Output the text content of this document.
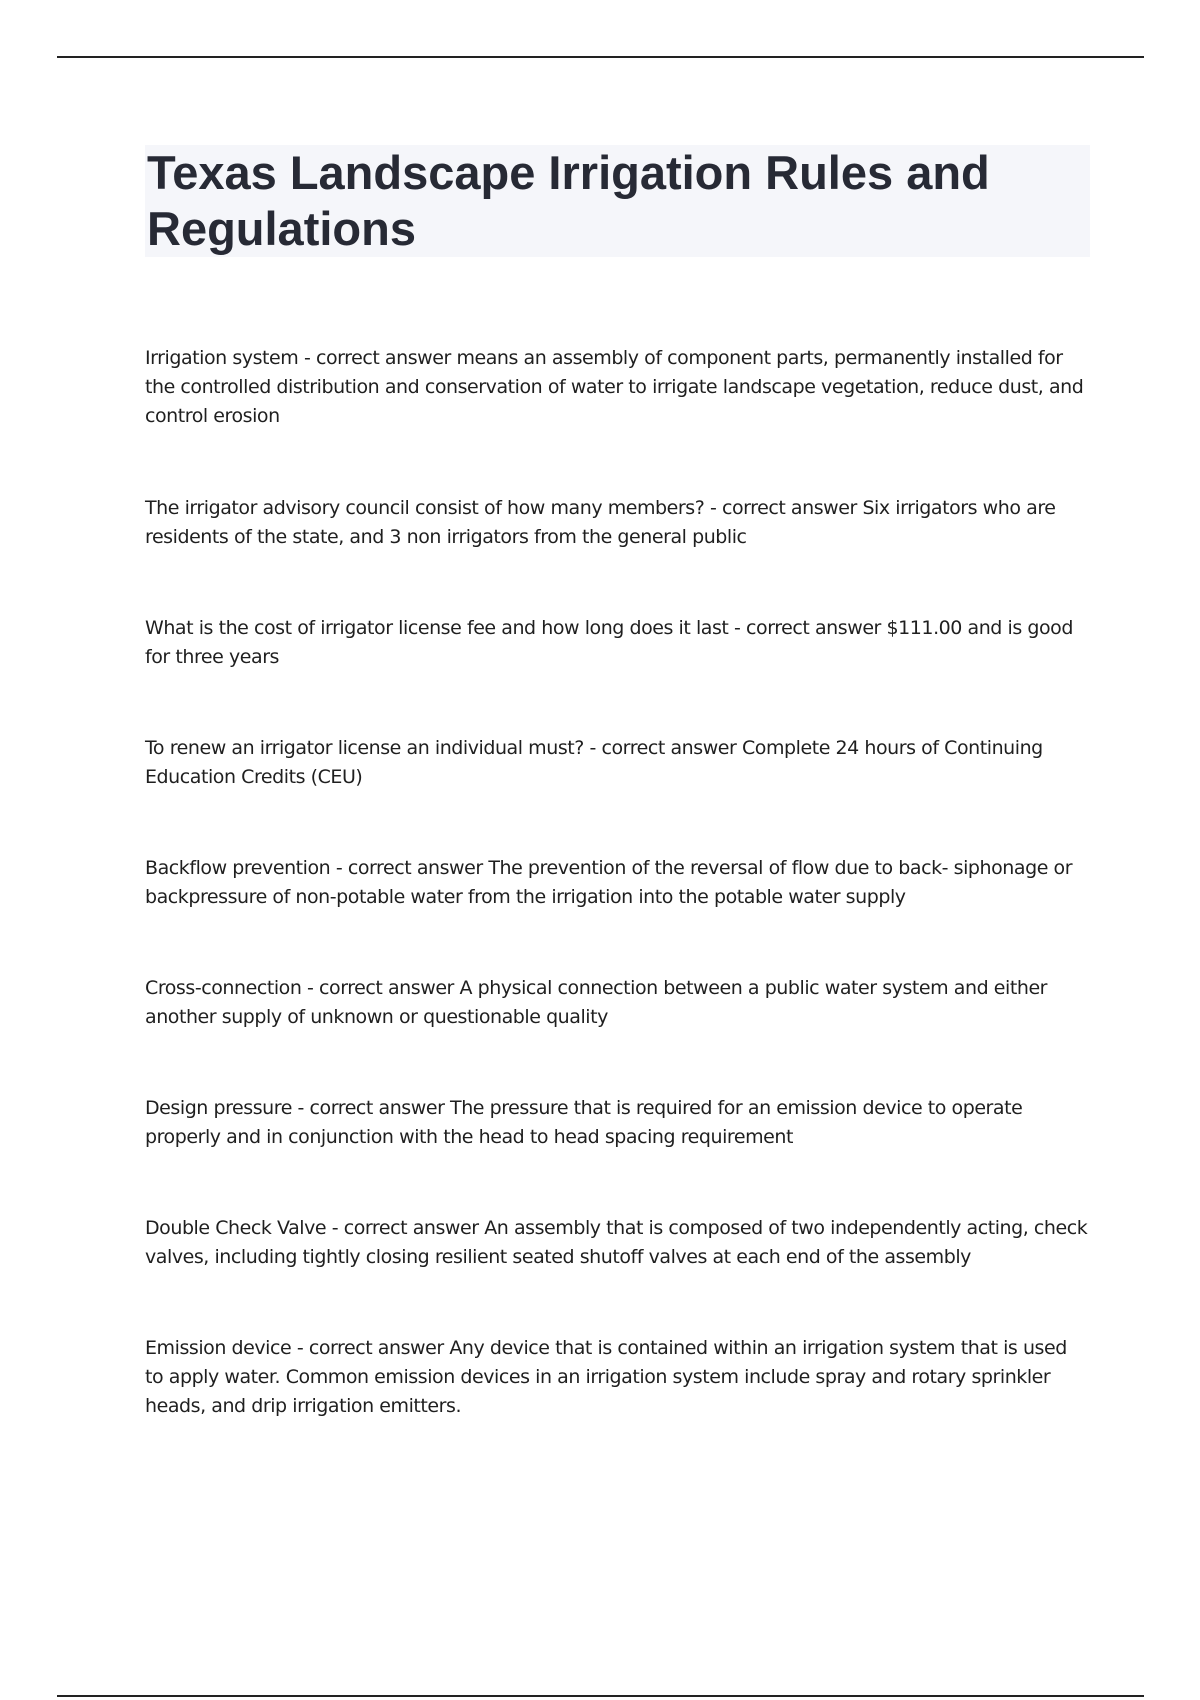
Texas Landscape Irrigation Rules and Regulations

Irrigation system - correct answer means an assembly of component parts, permanently installed for the controlled distribution and conservation of water to irrigate landscape vegetation, reduce dust, and control erosion

The irrigator advisory council consist of how many members? - correct answer Six irrigators who are residents of the state, and 3 non irrigators from the general public

What is the cost of irrigator license fee and how long does it last - correct answer $111.00 and is good for three years

To renew an irrigator license an individual must? - correct answer Complete 24 hours of Continuing Education Credits (CEU)

Backflow prevention - correct answer The prevention of the reversal of flow due to back- siphonage or backpressure of non-potable water from the irrigation into the potable water supply

Cross-connection - correct answer A physical connection between a public water system and either another supply of unknown or questionable quality

Design pressure - correct answer The pressure that is required for an emission device to operate properly and in conjunction with the head to head spacing requirement

Double Check Valve - correct answer An assembly that is composed of two independently acting, check valves, including tightly closing resilient seated shutoff valves at each end of the assembly

Emission device - correct answer Any device that is contained within an irrigation system that is used to apply water. Common emission devices in an irrigation system include spray and rotary sprinkler heads, and drip irrigation emitters.
